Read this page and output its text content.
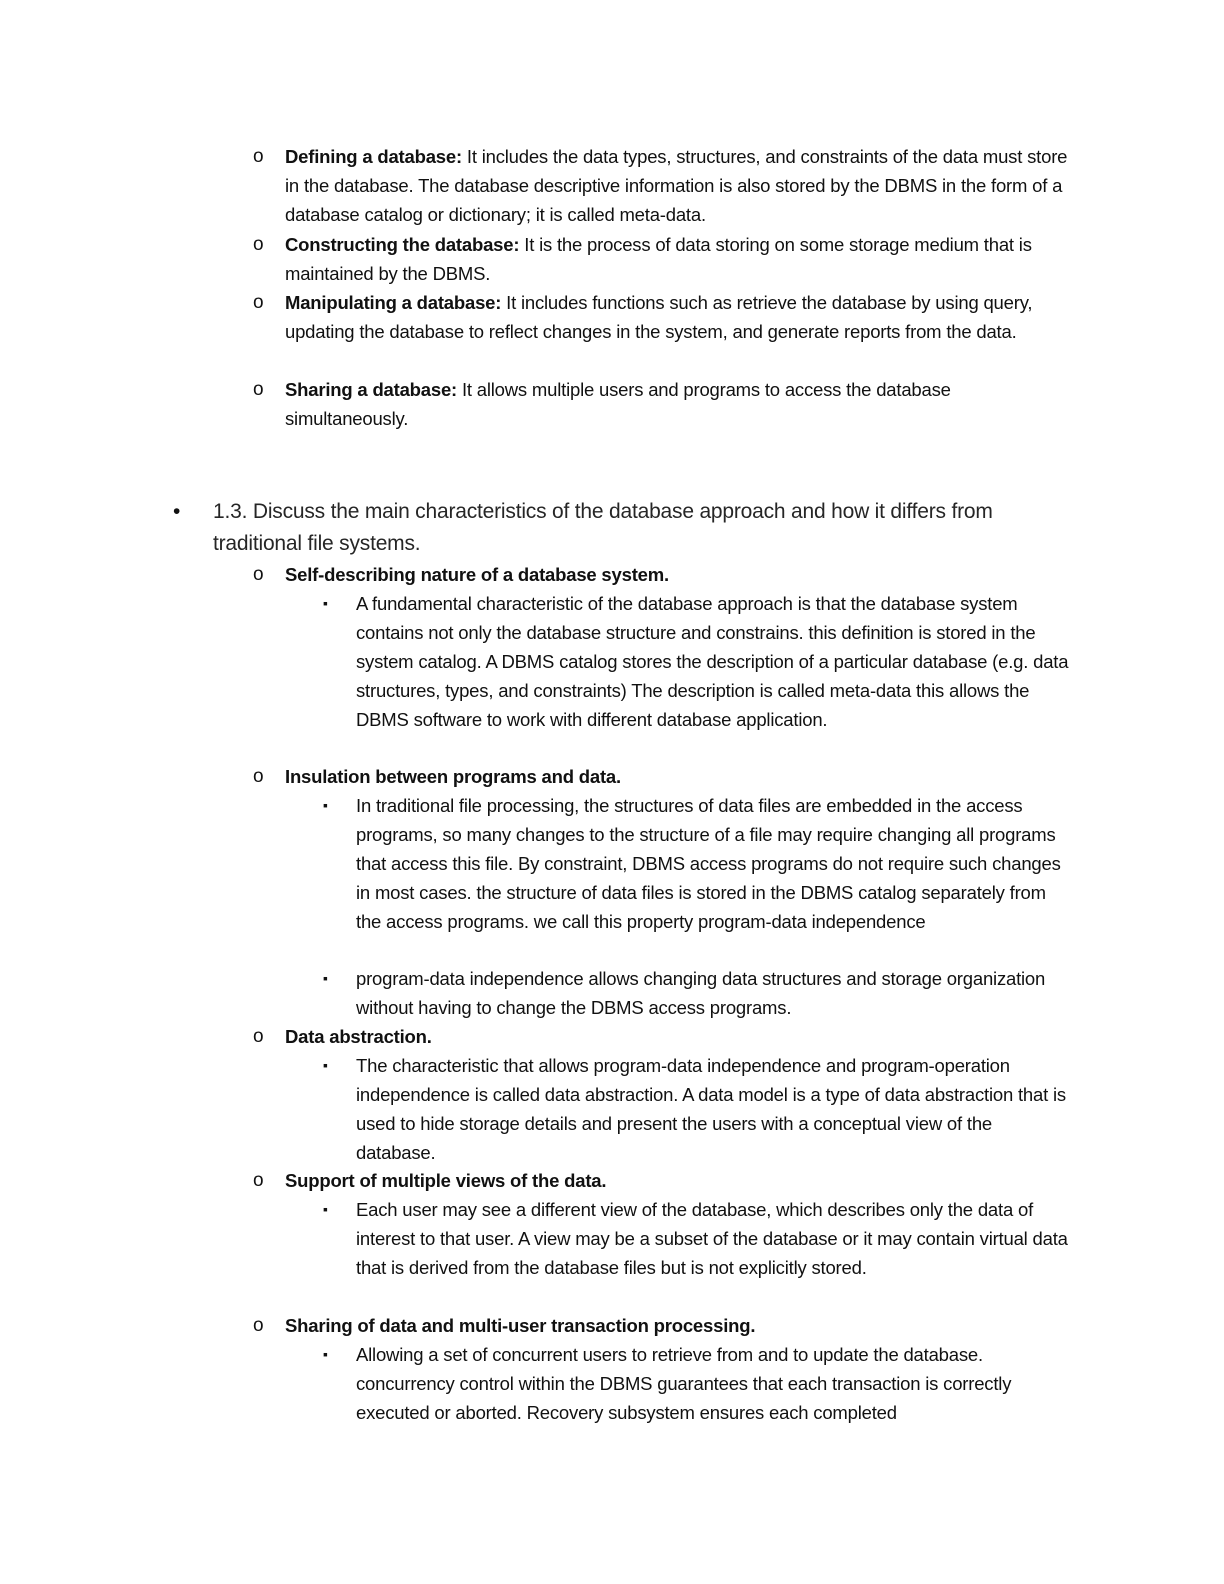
o Defining a database: It includes the data types, structures, and constraints of the data must store in the database. The database descriptive information is also stored by the DBMS in the form of a database catalog or dictionary; it is called meta-data.
o Constructing the database: It is the process of data storing on some storage medium that is maintained by the DBMS.
o Manipulating a database: It includes functions such as retrieve the database by using query, updating the database to reflect changes in the system, and generate reports from the data.
o Sharing a database: It allows multiple users and programs to access the database simultaneously.
• 1.3. Discuss the main characteristics of the database approach and how it differs from traditional file systems.
o Self-describing nature of a database system.
▪ A fundamental characteristic of the database approach is that the database system contains not only the database structure and constrains. this definition is stored in the system catalog. A DBMS catalog stores the description of a particular database (e.g. data structures, types, and constraints) The description is called meta-data this allows the DBMS software to work with different database application.
o Insulation between programs and data.
▪ In traditional file processing, the structures of data files are embedded in the access programs, so many changes to the structure of a file may require changing all programs that access this file. By constraint, DBMS access programs do not require such changes in most cases. the structure of data files is stored in the DBMS catalog separately from the access programs. we call this property program-data independence
▪ program-data independence allows changing data structures and storage organization without having to change the DBMS access programs.
o Data abstraction.
▪ The characteristic that allows program-data independence and program-operation independence is called data abstraction. A data model is a type of data abstraction that is used to hide storage details and present the users with a conceptual view of the database.
o Support of multiple views of the data.
▪ Each user may see a different view of the database, which describes only the data of interest to that user. A view may be a subset of the database or it may contain virtual data that is derived from the database files but is not explicitly stored.
o Sharing of data and multi-user transaction processing.
▪ Allowing a set of concurrent users to retrieve from and to update the database. concurrency control within the DBMS guarantees that each transaction is correctly executed or aborted. Recovery subsystem ensures each completed
